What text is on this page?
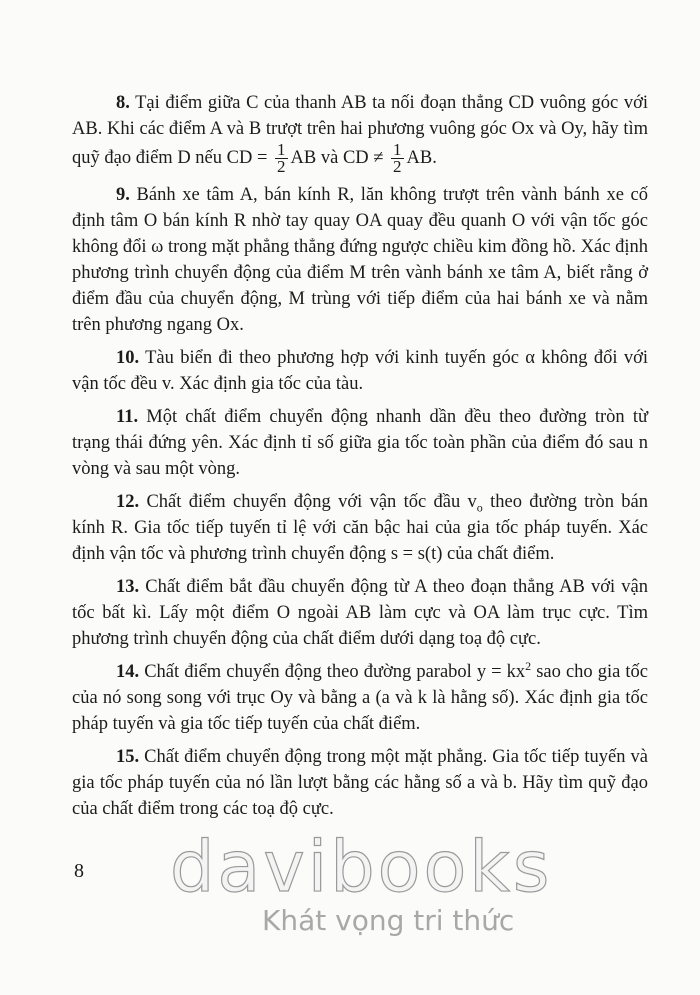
8. Tại điểm giữa C của thanh AB ta nối đoạn thẳng CD vuông góc với AB. Khi các điểm A và B trượt trên hai phương vuông góc Ox và Oy, hãy tìm quỹ đạo điểm D nếu CD = $\frac{1}{2}$ AB và CD ≠ $\frac{1}{2}$ AB.

9. Bánh xe tâm A, bán kính R, lăn không trượt trên vành bánh xe cố định tâm O bán kính R nhờ tay quay OA quay đều quanh O với vận tốc góc không đổi ω trong mặt phẳng thẳng đứng ngược chiều kim đồng hồ. Xác định phương trình chuyển động của điểm M trên vành bánh xe tâm A, biết rằng ở điểm đầu của chuyển động, M trùng với tiếp điểm của hai bánh xe và nằm trên phương ngang Ox.

10. Tàu biển đi theo phương hợp với kinh tuyến góc α không đổi với vận tốc đều v. Xác định gia tốc của tàu.

11. Một chất điểm chuyển động nhanh dần đều theo đường tròn từ trạng thái đứng yên. Xác định tỉ số giữa gia tốc toàn phần của điểm đó sau n vòng và sau một vòng.

12. Chất điểm chuyển động với vận tốc đầu $v_o$ theo đường tròn bán kính R. Gia tốc tiếp tuyến tỉ lệ với căn bậc hai của gia tốc pháp tuyến. Xác định vận tốc và phương trình chuyển động s = s(t) của chất điểm.

13. Chất điểm bắt đầu chuyển động từ A theo đoạn thẳng AB với vận tốc bất kì. Lấy một điểm O ngoài AB làm cực và OA làm trục cực. Tìm phương trình chuyển động của chất điểm dưới dạng toạ độ cực.

14. Chất điểm chuyển động theo đường parabol $y = kx^2$ sao cho gia tốc của nó song song với trục Oy và bằng a (a và k là hằng số). Xác định gia tốc pháp tuyến và gia tốc tiếp tuyến của chất điểm.

15. Chất điểm chuyển động trong một mặt phẳng. Gia tốc tiếp tuyến và gia tốc pháp tuyến của nó lần lượt bằng các hằng số a và b. Hãy tìm quỹ đạo của chất điểm trong các toạ độ cực.

8 davibooks
Khát vọng tri thức
